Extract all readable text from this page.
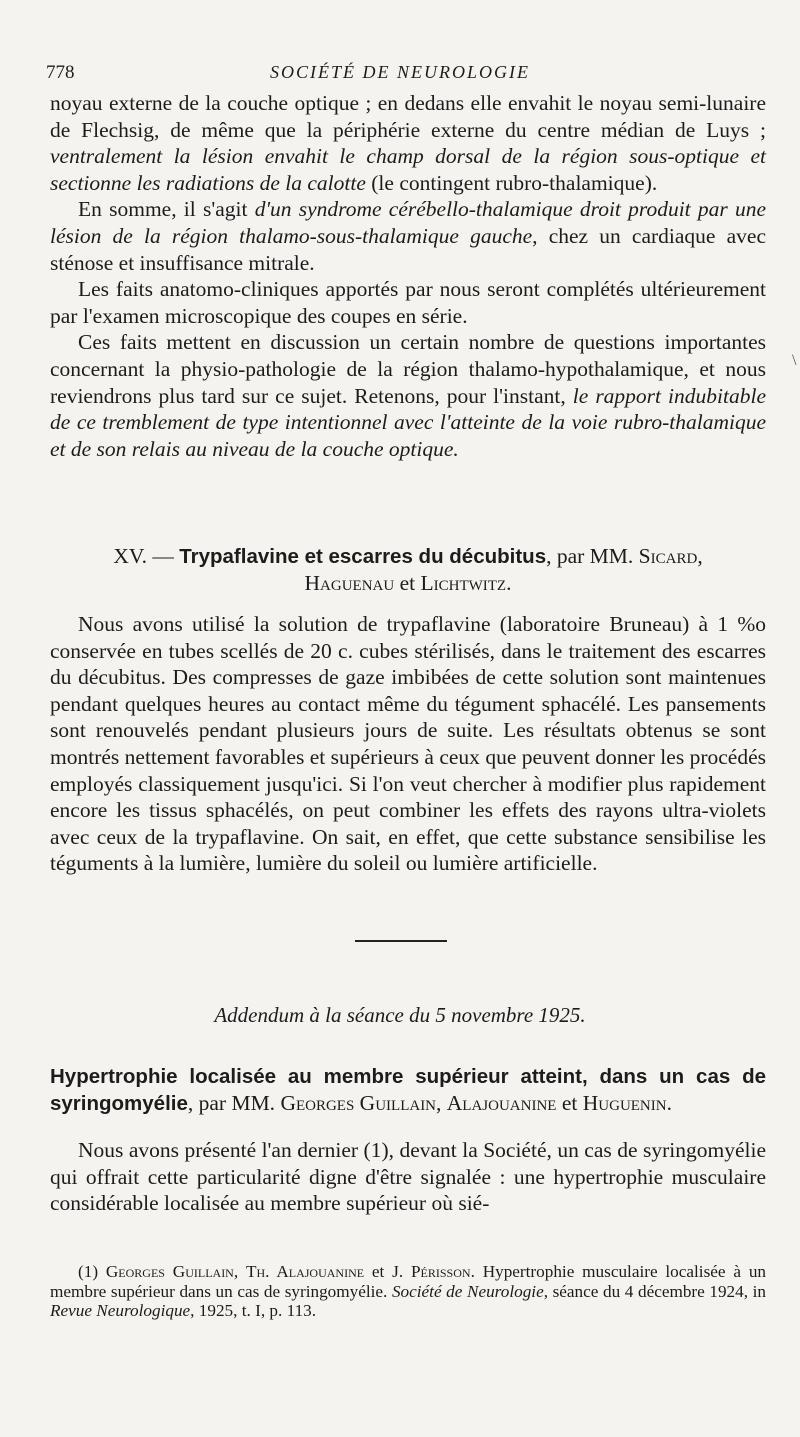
778	SOCIÉTÉ DE NEUROLOGIE

noyau externe de la couche optique ; en dedans elle envahit le noyau semi-lunaire de Flechsig, de même que la périphérie externe du centre médian de Luys ; ventralement la lésion envahit le champ dorsal de la région sous-optique et sectionne les radiations de la calotte (le contingent rubro-thalamique).

En somme, il s'agit d'un syndrome cérébello-thalamique droit produit par une lésion de la région thalamo-sous-thalamique gauche, chez un cardiaque avec sténose et insuffisance mitrale.

Les faits anatomo-cliniques apportés par nous seront complétés ultérieurement par l'examen microscopique des coupes en série.

Ces faits mettent en discussion un certain nombre de questions importantes concernant la physio-pathologie de la région thalamo-hypothalamique, et nous reviendrons plus tard sur ce sujet. Retenons, pour l'instant, le rapport indubitable de ce tremblement de type intentionnel avec l'atteinte de la voie rubro-thalamique et de son relais au niveau de la couche optique.

XV. — Trypaflavine et escarres du décubitus, par MM. Sicard,
Haguenau et Lichtwitz.

Nous avons utilisé la solution de trypaflavine (laboratoire Bruneau) à 1 %o conservée en tubes scellés de 20 c. cubes stérilisés, dans le traitement des escarres du décubitus. Des compresses de gaze imbibées de cette solution sont maintenues pendant quelques heures au contact même du tégument sphacélé. Les pansements sont renouvelés pendant plusieurs jours de suite. Les résultats obtenus se sont montrés nettement favorables et supérieurs à ceux que peuvent donner les procédés employés classiquement jusqu'ici. Si l'on veut chercher à modifier plus rapidement encore les tissus sphacélés, on peut combiner les effets des rayons ultra-violets avec ceux de la trypaflavine. On sait, en effet, que cette substance sensibilise les téguments à la lumière, lumière du soleil ou lumière artificielle.

Addendum à la séance du 5 novembre 1925.
Hypertrophie localisée au membre supérieur atteint, dans un cas de syringomyélie, par MM. Georges Guillain, Alajouanine et Huguenin.

Nous avons présenté l'an dernier (1), devant la Société, un cas de syringomyélie qui offrait cette particularité digne d'être signalée : une hypertrophie musculaire considérable localisée au membre supérieur où sié-

(1) Georges Guillain, Th. Alajouanine et J. Périsson. Hypertrophie musculaire localisée à un membre supérieur dans un cas de syringomyélie. Société de Neurologie, séance du 4 décembre 1924, in Revue Neurologique, 1925, t. I, p. 113.
\
